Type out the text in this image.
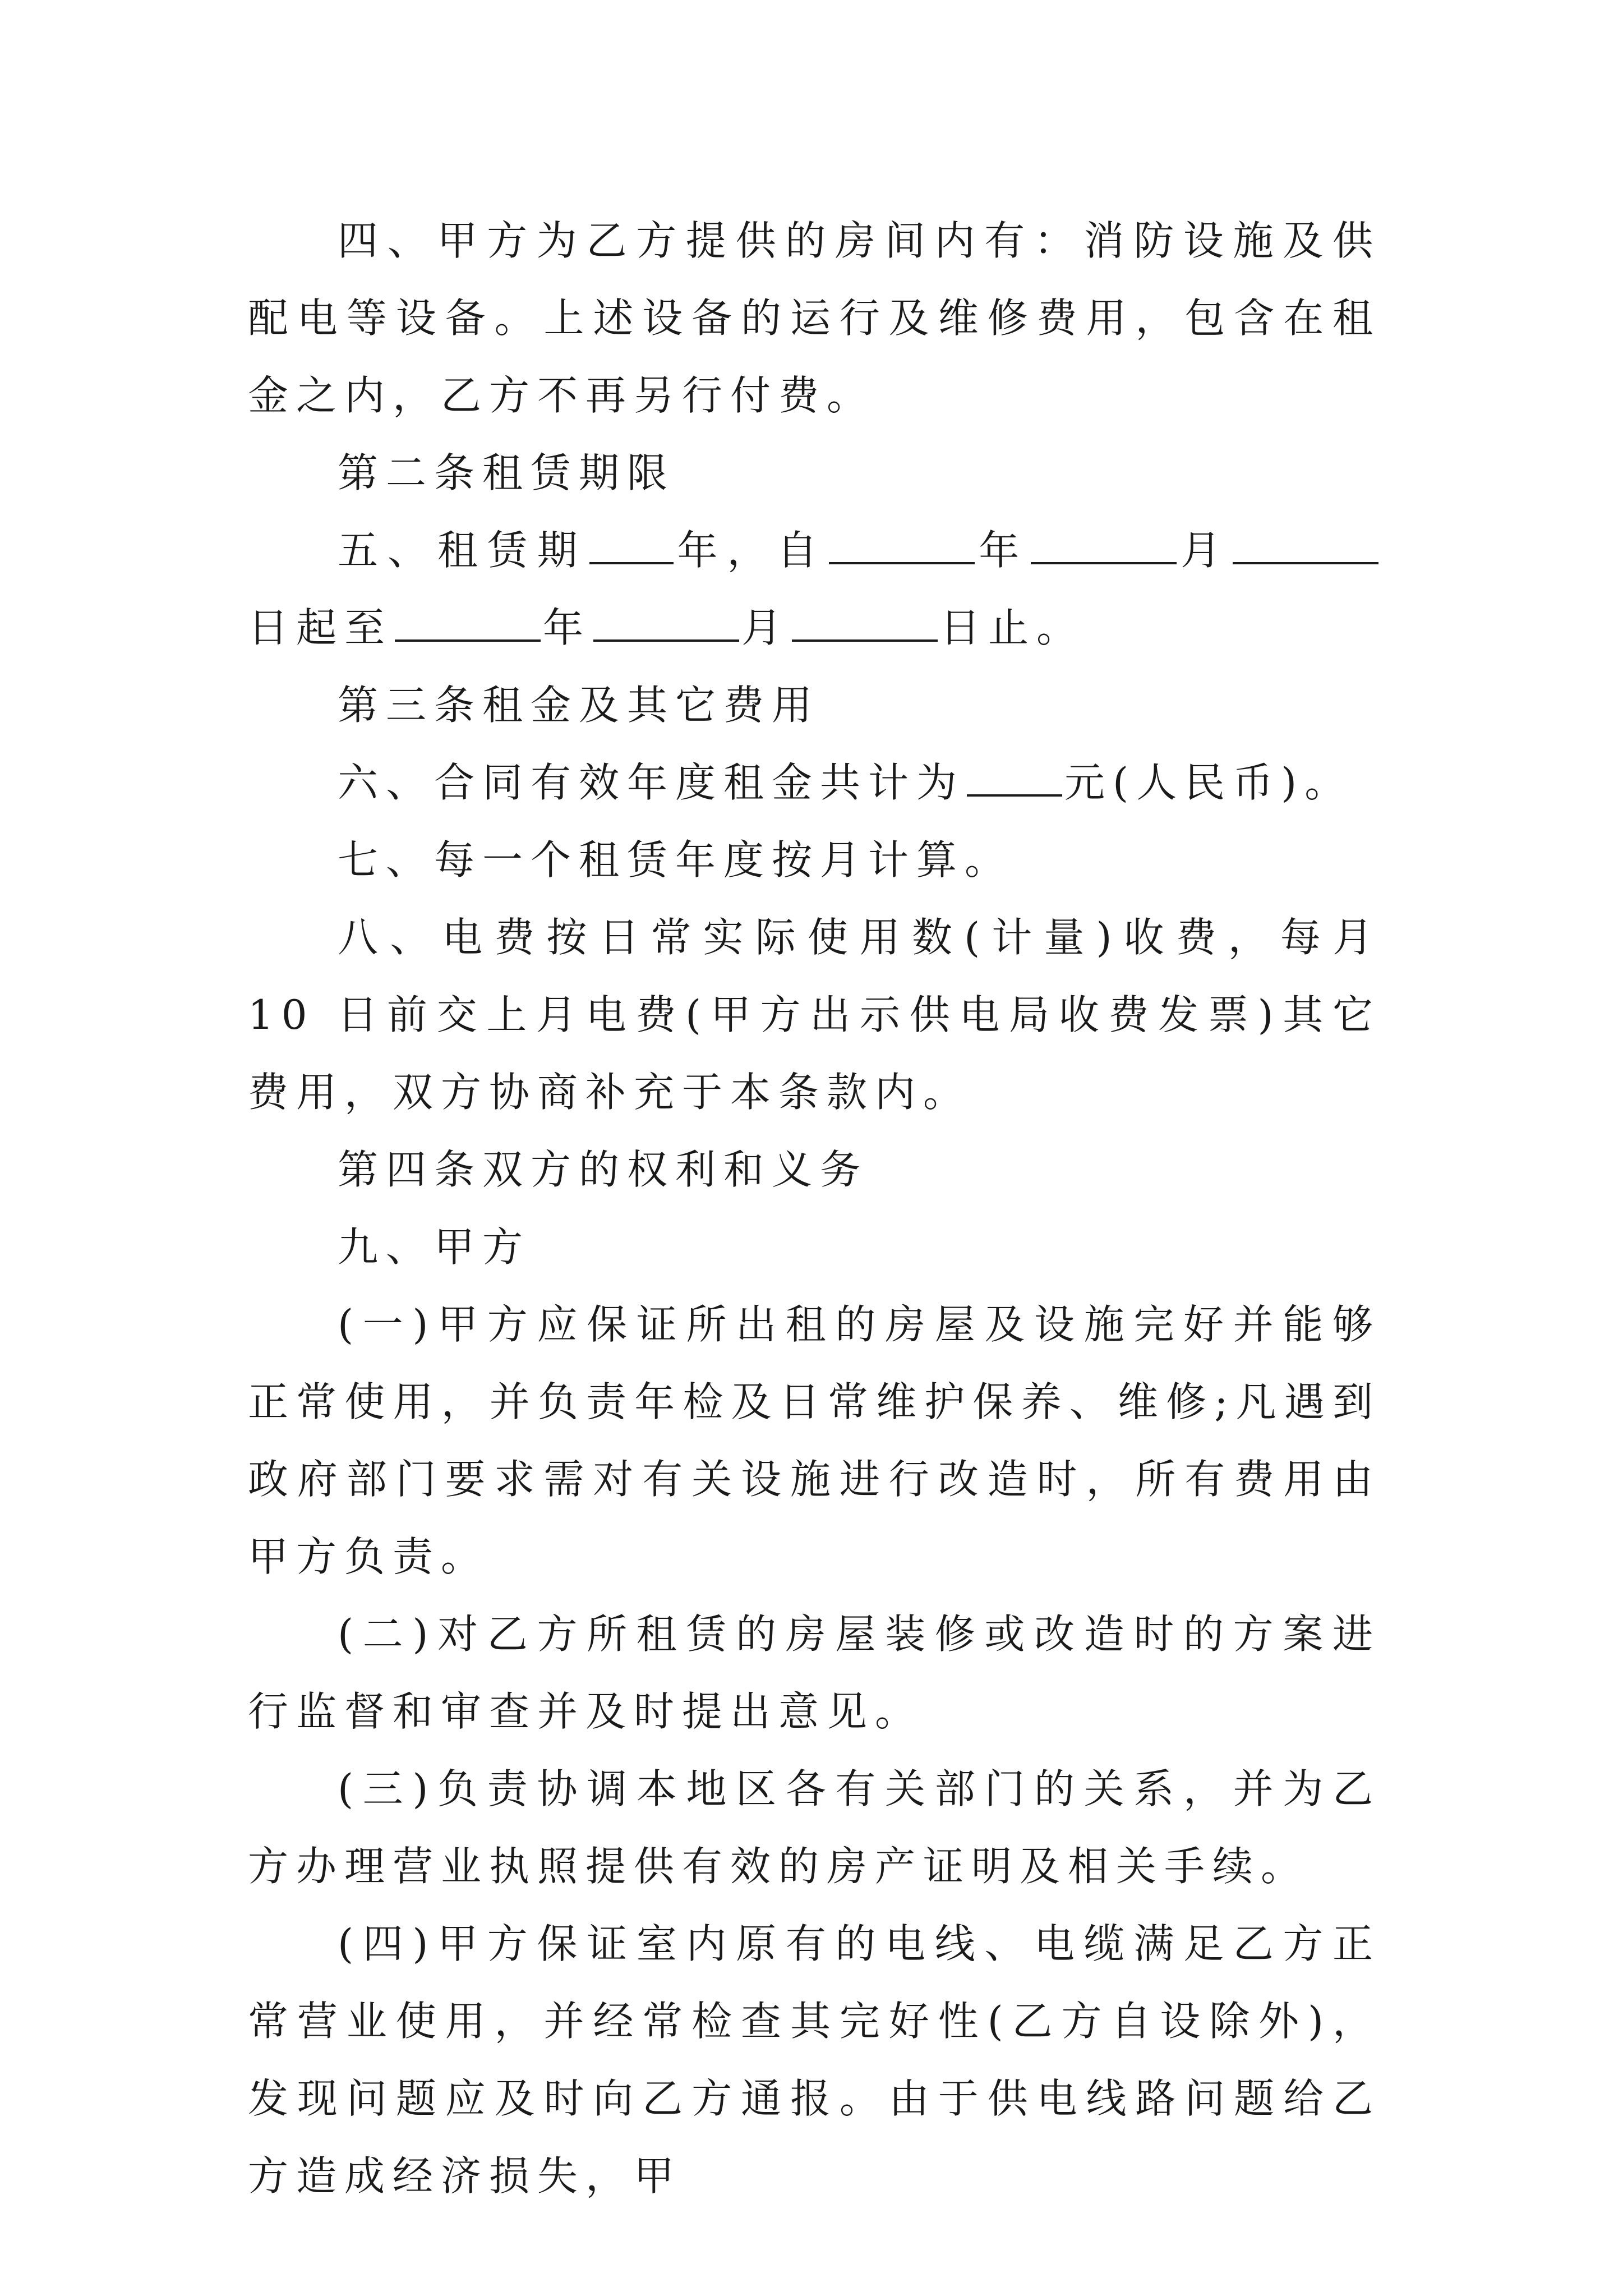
四、甲方为乙方提供的房间内有：消防设施及供配电等设备。上述设备的运行及维修费用，包含在租金之内，乙方不再另行付费。

第二条租赁期限

五、租赁期 年，自	年	月日起至	年	月	日止。

第三条租金及其它费用

六、合同有效年度租金共计为 元(人民币)。

七、每一个租赁年度按月计算。

八、电费按日常实际使用数(计量)收费，每月 10 日前交上月电费(甲方出示供电局收费发票)其它费用，双方协商补充于本条款内。

第四条双方的权利和义务

九、甲方

(一)甲方应保证所出租的房屋及设施完好并能够正常使用，并负责年检及日常维护保养、维修;凡遇到政府部门要求需对有关设施进行改造时，所有费用由甲方负责。

(二)对乙方所租赁的房屋装修或改造时的方案进行监督和审查并及时提出意见。

(三)负责协调本地区各有关部门的关系，并为乙方办理营业执照提供有效的房产证明及相关手续。

(四)甲方保证室内原有的电线、电缆满足乙方正常营业使用，并经常检查其完好性(乙方自设除外)，发现问题应及时向乙方通报。由于供电线路问题给乙方造成经济损失，甲
